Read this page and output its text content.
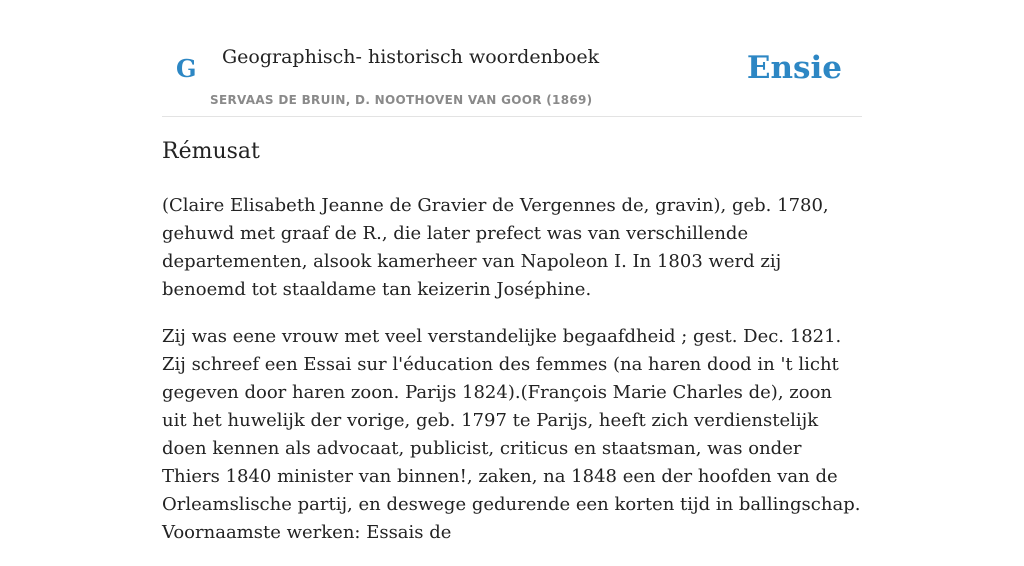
G Geographisch- historisch woordenboek
SERVAAS DE BRUIN, D. NOOTHOVEN VAN GOOR (1869)
Ensie
Rémusat

(Claire Elisabeth Jeanne de Gravier de Vergennes de, gravin), geb. 1780, gehuwd met graaf de R., die later prefect was van verschillende departementen, alsook kamerheer van Napoleon I. In 1803 werd zij benoemd tot staaldame tan keizerin Joséphine.

Zij was eene vrouw met veel verstandelijke begaafdheid ; gest. Dec. 1821. Zij schreef een Essai sur l'éducation des femmes (na haren dood in 't licht gegeven door haren zoon. Parijs 1824).(François Marie Charles de), zoon uit het huwelijk der vorige, geb. 1797 te Parijs, heeft zich verdienstelijk doen kennen als advocaat, publicist, criticus en staatsman, was onder Thiers 1840 minister van binnen!, zaken, na 1848 een der hoofden van de Orleamslische partij, en deswege gedurende een korten tijd in ballingschap. Voornaamste werken: Essais de
